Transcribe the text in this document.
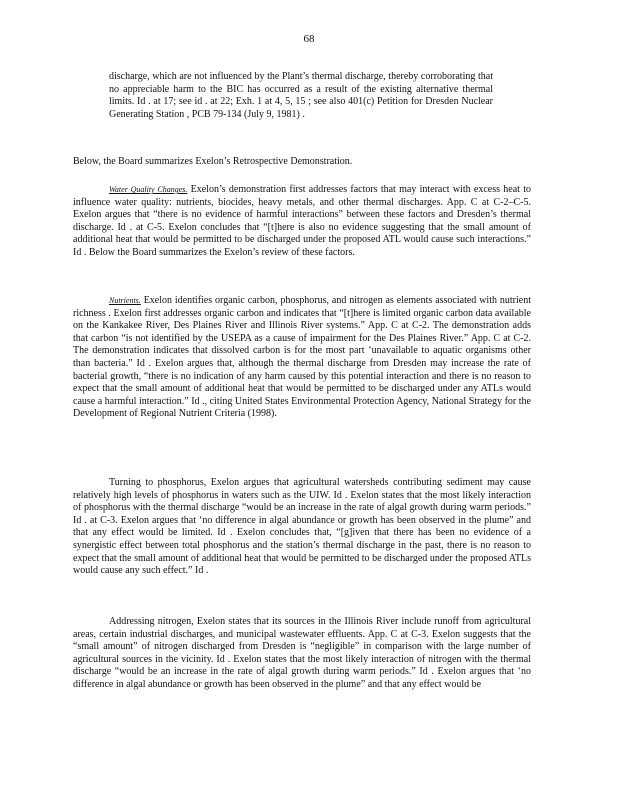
68

discharge, which are not influenced by the Plant’s thermal discharge, thereby corroborating that no appreciable harm to the BIC has occurred as a result of the existing alternative thermal limits. Id . at 17; see id . at 22; Exh. 1 at 4, 5, 15 ; see also 401(c) Petition for Dresden Nuclear Generating Station , PCB 79-134 (July 9, 1981) .

Below, the Board summarizes Exelon’s Retrospective Demonstration.

Water Quality Changes. Exelon’s demonstration first addresses factors that may interact with excess heat to influence water quality: nutrients, biocides, heavy metals, and other thermal discharges. App. C at C-2–C-5. Exelon argues that “there is no evidence of harmful interactions” between these factors and Dresden’s thermal discharge. Id . at C-5. Exelon concludes that “[t]here is also no evidence suggesting that the small amount of additional heat that would be permitted to be discharged under the proposed ATL would cause such interactions.” Id . Below the Board summarizes the Exelon’s review of these factors.

Nutrients. Exelon identifies organic carbon, phosphorus, and nitrogen as elements associated with nutrient richness . Exelon first addresses organic carbon and indicates that “[t]here is limited organic carbon data available on the Kankakee River, Des Plaines River and Illinois River systems.” App. C at C-2. The demonstration adds that carbon “is not identified by the USEPA as a cause of impairment for the Des Plaines River.” App. C at C-2. The demonstration indicates that dissolved carbon is for the most part ‘unavailable to aquatic organisms other than bacteria.” Id . Exelon argues that, although the thermal discharge from Dresden may increase the rate of bacterial growth, “there is no indication of any harm caused by this potential interaction and there is no reason to expect that the small amount of additional heat that would be permitted to be discharged under any ATLs would cause a harmful interaction.” Id ., citing United States Environmental Protection Agency, National Strategy for the Development of Regional Nutrient Criteria (1998).

Turning to phosphorus, Exelon argues that agricultural watersheds contributing sediment may cause relatively high levels of phosphorus in waters such as the UIW. Id . Exelon states that the most likely interaction of phosphorus with the thermal discharge “would be an increase in the rate of algal growth during warm periods.” Id . at C-3. Exelon argues that ‘no difference in algal abundance or growth has been observed in the plume” and that any effect would be limited. Id . Exelon concludes that, “[g]iven that there has been no evidence of a synergistic effect between total phosphorus and the station’s thermal discharge in the past, there is no reason to expect that the small amount of additional heat that would be permitted to be discharged under the proposed ATLs would cause any such effect.” Id .

Addressing nitrogen, Exelon states that its sources in the Illinois River include runoff from agricultural areas, certain industrial discharges, and municipal wastewater effluents. App. C at C-3. Exelon suggests that the “small amount” of nitrogen discharged from Dresden is “negligible” in comparison with the large number of agricultural sources in the vicinity. Id . Exelon states that the most likely interaction of nitrogen with the thermal discharge “would be an increase in the rate of algal growth during warm periods.” Id . Exelon argues that ‘no difference in algal abundance or growth has been observed in the plume” and that any effect would be
